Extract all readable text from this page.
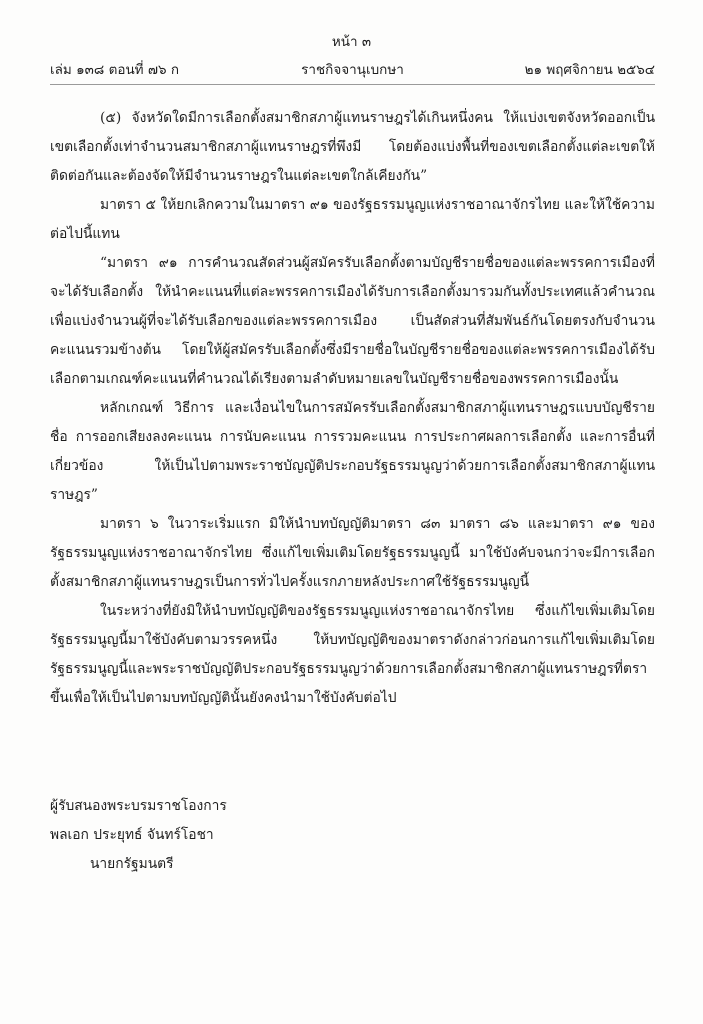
หน้า ๓
เล่ม ๑๓๘ ตอนที่ ๗๖ ก	ราชกิจจานุเบกษา	๒๑ พฤศจิกายน ๒๕๖๔

(๕) จังหวัดใดมีการเลือกตั้งสมาชิกสภาผู้แทนราษฎรได้เกินหนึ่งคน ให้แบ่งเขตจังหวัดออกเป็นเขตเลือกตั้งเท่าจำนวนสมาชิกสภาผู้แทนราษฎรที่พึงมี โดยต้องแบ่งพื้นที่ของเขตเลือกตั้งแต่ละเขตให้ติดต่อกันและต้องจัดให้มีจำนวนราษฎรในแต่ละเขตใกล้เคียงกัน”

มาตรา ๕ ให้ยกเลิกความในมาตรา ๙๑ ของรัฐธรรมนูญแห่งราชอาณาจักรไทย และให้ใช้ความต่อไปนี้แทน

“มาตรา ๙๑ การคำนวณสัดส่วนผู้สมัครรับเลือกตั้งตามบัญชีรายชื่อของแต่ละพรรคการเมืองที่จะได้รับเลือกตั้ง ให้นำคะแนนที่แต่ละพรรคการเมืองได้รับการเลือกตั้งมารวมกันทั้งประเทศแล้วคำนวณเพื่อแบ่งจำนวนผู้ที่จะได้รับเลือกของแต่ละพรรคการเมือง เป็นสัดส่วนที่สัมพันธ์กันโดยตรงกับจำนวนคะแนนรวมข้างต้น โดยให้ผู้สมัครรับเลือกตั้งซึ่งมีรายชื่อในบัญชีรายชื่อของแต่ละพรรคการเมืองได้รับเลือกตามเกณฑ์คะแนนที่คำนวณได้เรียงตามลำดับหมายเลขในบัญชีรายชื่อของพรรคการเมืองนั้น

หลักเกณฑ์ วิธีการ และเงื่อนไขในการสมัครรับเลือกตั้งสมาชิกสภาผู้แทนราษฎรแบบบัญชีรายชื่อ การออกเสียงลงคะแนน การนับคะแนน การรวมคะแนน การประกาศผลการเลือกตั้ง และการอื่นที่เกี่ยวข้อง ให้เป็นไปตามพระราชบัญญัติประกอบรัฐธรรมนูญว่าด้วยการเลือกตั้งสมาชิกสภาผู้แทนราษฎร”

มาตรา ๖ ในวาระเริ่มแรก มิให้นำบทบัญญัติมาตรา ๘๓ มาตรา ๘๖ และมาตรา ๙๑ ของรัฐธรรมนูญแห่งราชอาณาจักรไทย ซึ่งแก้ไขเพิ่มเติมโดยรัฐธรรมนูญนี้ มาใช้บังคับจนกว่าจะมีการเลือกตั้งสมาชิกสภาผู้แทนราษฎรเป็นการทั่วไปครั้งแรกภายหลังประกาศใช้รัฐธรรมนูญนี้

ในระหว่างที่ยังมิให้นำบทบัญญัติของรัฐธรรมนูญแห่งราชอาณาจักรไทย ซึ่งแก้ไขเพิ่มเติมโดยรัฐธรรมนูญนี้มาใช้บังคับตามวรรคหนึ่ง ให้บทบัญญัติของมาตราดังกล่าวก่อนการแก้ไขเพิ่มเติมโดยรัฐธรรมนูญนี้และพระราชบัญญัติประกอบรัฐธรรมนูญว่าด้วยการเลือกตั้งสมาชิกสภาผู้แทนราษฎรที่ตราขึ้นเพื่อให้เป็นไปตามบทบัญญัตินั้นยังคงนำมาใช้บังคับต่อไป

ผู้รับสนองพระบรมราชโองการ
พลเอก ประยุทธ์ จันทร์โอชา
นายกรัฐมนตรี
